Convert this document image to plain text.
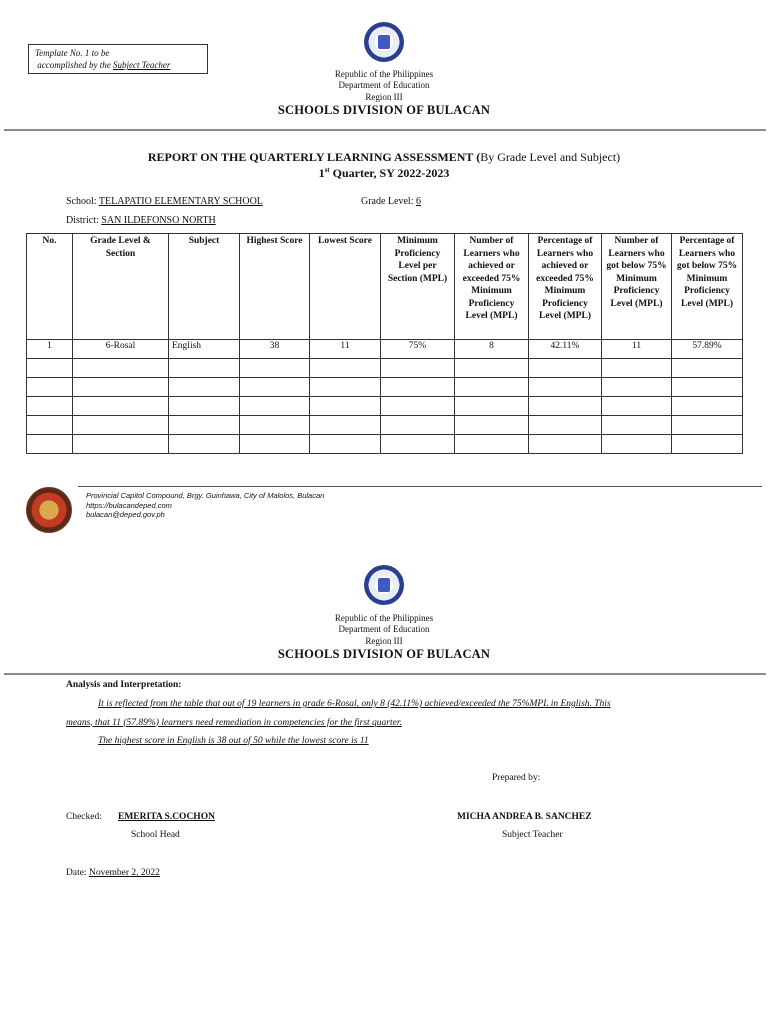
Template No. 1 to be
accomplished by the Subject Teacher
Republic of the Philippines
Department of Education
Region III
SCHOOLS DIVISION OF BULACAN
REPORT ON THE QUARTERLY LEARNING ASSESSMENT (By Grade Level and Subject)
1st Quarter, SY 2022-2023
School: TELAPATIO ELEMENTARY SCHOOL	Grade Level: 6
District: SAN ILDEFONSO NORTH
No.	Grade Level & Section	Subject	Highest Score	Lowest Score	Minimum Proficiency Level per Section (MPL)	Number of Learners who achieved or exceeded 75% Minimum Proficiency Level (MPL)	Percentage of Learners who achieved or exceeded 75% Minimum Proficiency Level (MPL)	Number of Learners who got below 75% Minimum Proficiency Level (MPL)	Percentage of Learners who got below 75% Minimum Proficiency Level (MPL)
1	6-Rosal	English	38	11	75%	8	42.11%	11	57.89%

Provincial Capitol Compound, Brgy. Guinhawa, City of Malolos, Bulacan
https://bulacandeped.com
bulacan@deped.gov.ph
Republic of the Philippines
Department of Education
Region III
SCHOOLS DIVISION OF BULACAN
Analysis and Interpretation:
It is reflected from the table that out of 19 learners in grade 6-Rosal, only 8 (42.11%) achieved/exceeded the 75%MPL in English. This
means, that 11 (57.89%) learners need remediation in competencies for the first quarter.
The highest score in English is 38 out of 50 while the lowest score is 11
Prepared by:
Checked: EMERITA S.COCHON
School Head
MICHA ANDREA B. SANCHEZ
Subject Teacher
Date: November 2, 2022
